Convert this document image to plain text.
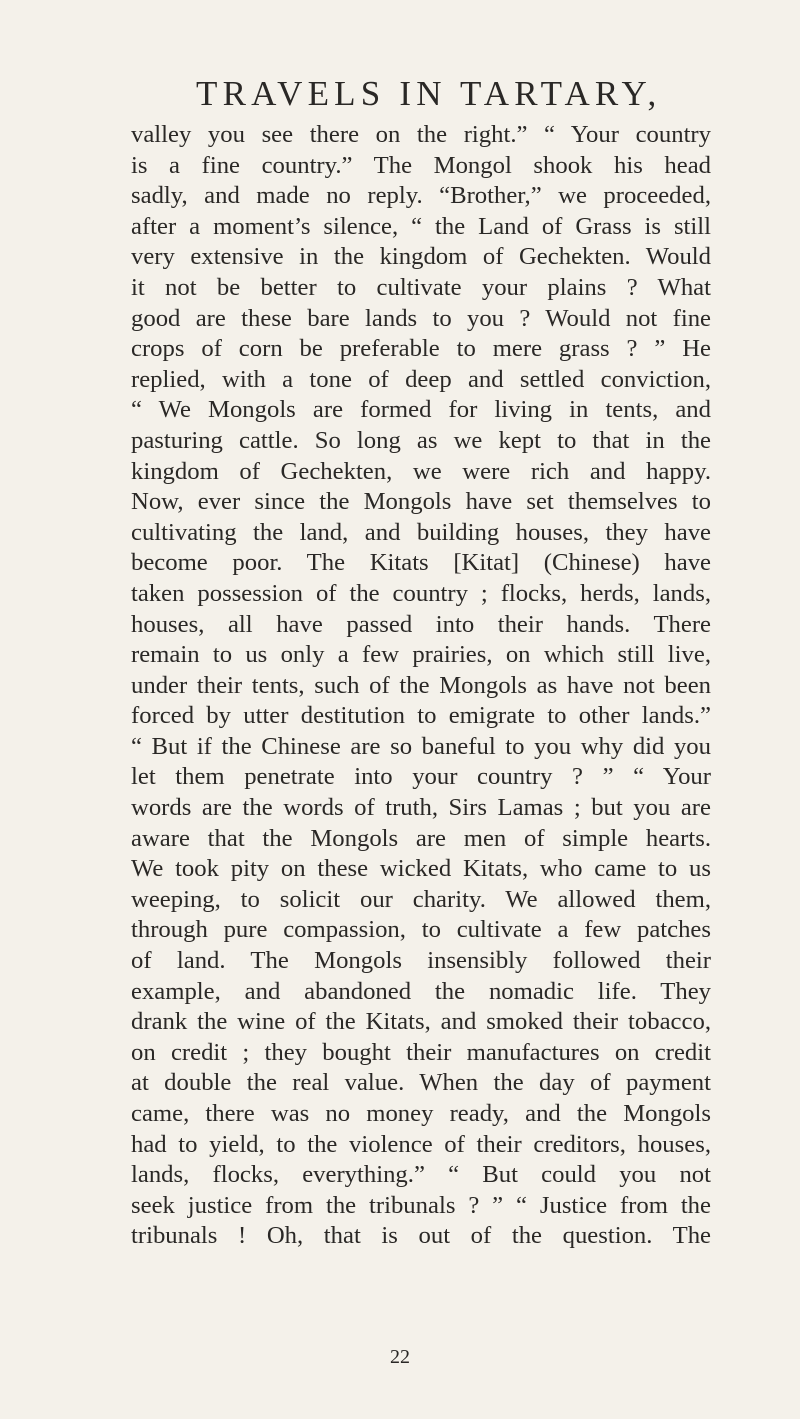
TRAVELS IN TARTARY,
valley you see there on the right.” “ Your country
is a fine country.” The Mongol shook his head
sadly, and made no reply. “Brother,” we proceeded,
after a moment’s silence, “ the Land of Grass is still
very extensive in the kingdom of Gechekten. Would
it not be better to cultivate your plains ? What
good are these bare lands to you ? Would not fine
crops of corn be preferable to mere grass ? ” He
replied, with a tone of deep and settled conviction,
“ We Mongols are formed for living in tents, and
pasturing cattle. So long as we kept to that in the
kingdom of Gechekten, we were rich and happy.
Now, ever since the Mongols have set themselves to
cultivating the land, and building houses, they have
become poor. The Kitats [Kitat] (Chinese) have
taken possession of the country ; flocks, herds, lands,
houses, all have passed into their hands. There
remain to us only a few prairies, on which still live,
under their tents, such of the Mongols as have not been
forced by utter destitution to emigrate to other lands.”
“ But if the Chinese are so baneful to you why did you
let them penetrate into your country ? ” “ Your
words are the words of truth, Sirs Lamas ; but you are
aware that the Mongols are men of simple hearts.
We took pity on these wicked Kitats, who came to us
weeping, to solicit our charity. We allowed them,
through pure compassion, to cultivate a few patches
of land. The Mongols insensibly followed their
example, and abandoned the nomadic life. They
drank the wine of the Kitats, and smoked their tobacco,
on credit ; they bought their manufactures on credit
at double the real value. When the day of payment
came, there was no money ready, and the Mongols
had to yield, to the violence of their creditors, houses,
lands, flocks, everything.” “ But could you not
seek justice from the tribunals ? ” “ Justice from the
tribunals ! Oh, that is out of the question. The
22
